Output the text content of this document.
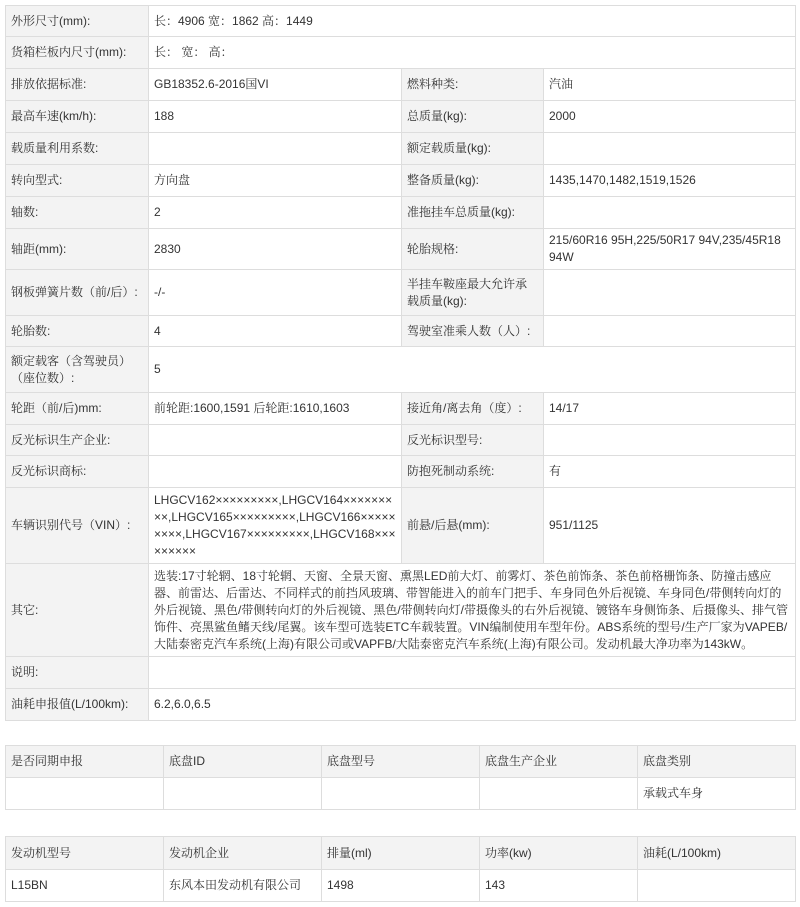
外形尺寸(mm):	长：4906 宽：1862 高：1449		
货箱栏板内尺寸(mm):	长： 宽： 高：		
排放依据标准:	GB18352.6-2016国VI	燃料种类:	汽油
最高车速(km/h):	188	总质量(kg):	2000
载质量利用系数:		额定载质量(kg):	
转向型式:	方向盘	整备质量(kg):	1435,1470,1482,1519,1526
轴数:	2	准拖挂车总质量(kg):	
轴距(mm):	2830	轮胎规格:	215/60R16 95H,225/50R17 94V,235/45R18 94W
钢板弹簧片数（前/后）:	-/-	半挂车鞍座最大允许承载质量(kg):	
轮胎数:	4	驾驶室准乘人数（人）:	
额定载客（含驾驶员）（座位数）:	5		
轮距（前/后)mm:	前轮距:1600,1591 后轮距:1610,1603	接近角/离去角（度）:	14/17
反光标识生产企业:		反光标识型号:	
反光标识商标:		防抱死制动系统:	有
车辆识别代号（VIN）:	LHGCV162×××××××××,LHGCV164×××××××××,LHGCV165×××××××××,LHGCV166×××××××××,LHGCV167×××××××××,LHGCV168×××××××××	前悬/后悬(mm):	951/1125
其它:	选装:17寸轮辋、18寸轮辋、天窗、全景天窗、熏黑LED前大灯、前雾灯、茶色前饰条、茶色前格栅饰条、防撞击感应器、前雷达、后雷达、不同样式的前挡风玻璃、带智能进入的前车门把手、车身同色外后视镜、车身同色/带侧转向灯的外后视镜、黑色/带侧转向灯的外后视镜、黑色/带侧转向灯/带摄像头的右外后视镜、镀铬车身侧饰条、后摄像头、排气管饰件、亮黑鲨鱼鳍天线/尾翼。该车型可选装ETC车载装置。VIN编制使用车型年份。ABS系统的型号/生产厂家为VAPEB/大陆泰密克汽车系统(上海)有限公司或VAPFB/大陆泰密克汽车系统(上海)有限公司。发动机最大净功率为143kW。		
说明:			
油耗申报值(L/100km):	6.2,6.0,6.5		
是否同期申报	底盘ID	底盘型号	底盘生产企业	底盘类别
				承载式车身
发动机型号	发动机企业	排量(ml)	功率(kw)	油耗(L/100km)
L15BN	东风本田发动机有限公司	1498	143	
